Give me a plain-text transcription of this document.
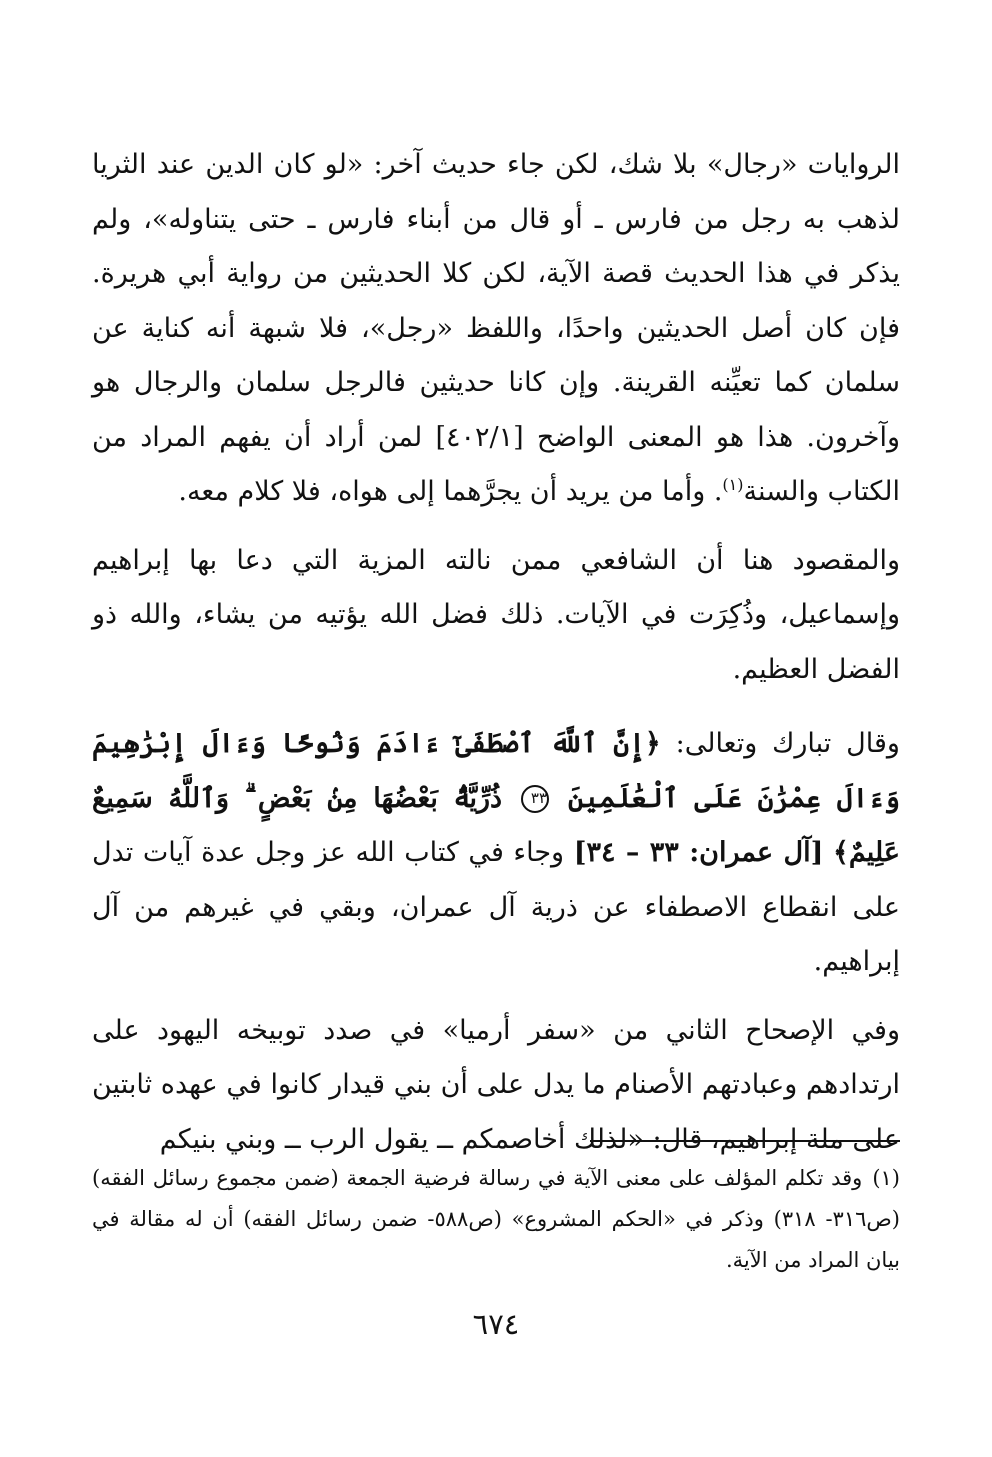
الروايات «رجال» بلا شك، لكن جاء حديث آخر: «لو كان الدين عند الثريا لذهب به رجل من فارس ـ أو قال من أبناء فارس ـ حتى يتناوله»، ولم يذكر في هذا الحديث قصة الآية، لكن كلا الحديثين من رواية أبي هريرة. فإن كان أصل الحديثين واحدًا، واللفظ «رجل»، فلا شبهة أنه كناية عن سلمان كما تعيِّنه القرينة. وإن كانا حديثين فالرجل سلمان والرجال هو وآخرون. هذا هو المعنى الواضح [٤٠٢/١] لمن أراد أن يفهم المراد من الكتاب والسنة$^{(١)}$. وأما من يريد أن يجرَّهما إلى هواه، فلا كلام معه.

والمقصود هنا أن الشافعي ممن نالته المزية التي دعا بها إبراهيم وإسماعيل، وذُكِرَت في الآيات. ذلك فضل الله يؤتيه من يشاء، والله ذو الفضل العظيم.

وقال تبارك وتعالى: ﴿إِنَّ ٱللَّهَ ٱصْطَفَىٰٓ ءَادَمَ وَنُوحًا وَءَالَ إِبْرَٰهِيمَ وَءَالَ عِمْرَٰنَ عَلَى ٱلْعَٰلَمِينَ ٣٣ ذُرِّيَّةًۢ بَعْضُهَا مِنۢ بَعْضٍ ۗ وَٱللَّهُ سَمِيعٌ عَلِيمٌ﴾ [آل عمران: ٣٣ – ٣٤] وجاء في كتاب الله عز وجل عدة آيات تدل على انقطاع الاصطفاء عن ذرية آل عمران، وبقي في غيرهم من آل إبراهيم.

وفي الإصحاح الثاني من «سفر أرميا» في صدد توبيخه اليهود على ارتدادهم وعبادتهم الأصنام ما يدل على أن بني قيدار كانوا في عهده ثابتين على ملة إبراهيم، قال: «لذلك أخاصمكم ــ يقول الرب ــ وبني بنيكم

(١)وقد تكلم المؤلف على معنى الآية في رسالة فرضية الجمعة (ضمن مجموع رسائل الفقه) (ص٣١٦- ٣١٨) وذكر في «الحكم المشروع» (ص٥٨٨- ضمن رسائل الفقه) أن له مقالة في بيان المراد من الآية.

٦٧٤
